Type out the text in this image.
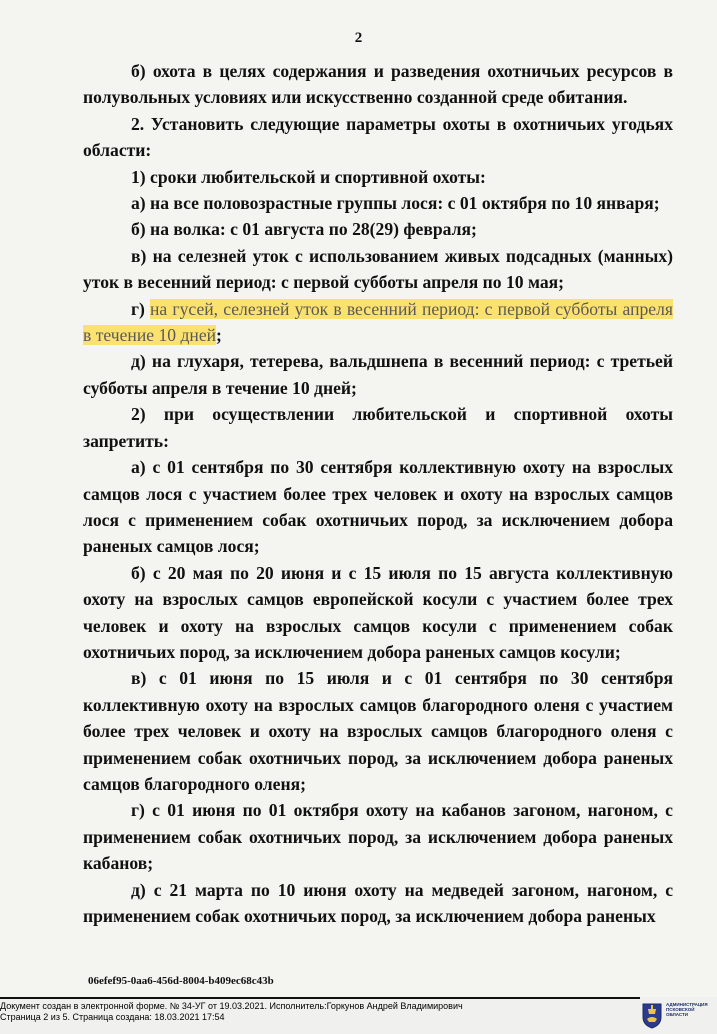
2

б) охота в целях содержания и разведения охотничьих ресурсов в полувольных условиях или искусственно созданной среде обитания.

2. Установить следующие параметры охоты в охотничьих угодьях области:

1) сроки любительской и спортивной охоты:

а) на все половозрастные группы лося: с 01 октября по 10 января;

б) на волка: с 01 августа по 28(29) февраля;

в) на селезней уток с использованием живых подсадных (манных) уток в весенний период: с первой субботы апреля по 10 мая;

г) на гусей, селезней уток в весенний период: с первой субботы апреля в течение 10 дней;

д) на глухаря, тетерева, вальдшнепа в весенний период: с третьей субботы апреля в течение 10 дней;

2) при осуществлении любительской и спортивной охоты запретить:

а) с 01 сентября по 30 сентября коллективную охоту на взрослых самцов лося с участием более трех человек и охоту на взрослых самцов лося с применением собак охотничьих пород, за исключением добора раненых самцов лося;

б) с 20 мая по 20 июня и с 15 июля по 15 августа коллективную охоту на взрослых самцов европейской косули с участием более трех человек и охоту на взрослых самцов косули с применением собак охотничьих пород, за исключением добора раненых самцов косули;

в) с 01 июня по 15 июля и с 01 сентября по 30 сентября коллективную охоту на взрослых самцов благородного оленя с участием более трех человек и охоту на взрослых самцов благородного оленя с применением собак охотничьих пород, за исключением добора раненых самцов благородного оленя;

г) с 01 июня по 01 октября охоту на кабанов загоном, нагоном, с применением собак охотничьих пород, за исключением добора раненых кабанов;

д) с 21 марта по 10 июня охоту на медведей загоном, нагоном, с применением собак охотничьих пород, за исключением добора раненых

06efef95-0aa6-456d-8004-b409ec68c43b
Документ создан в электронной форме. № 34-УГ от 19.03.2021. Исполнитель:Горкунов Андрей Владимирович
Страница 2 из 5. Страница создана: 18.03.2021 17:54
АДМИНИСТРАЦИЯ
ПСКОВСКОЙ
ОБЛАСТИ
